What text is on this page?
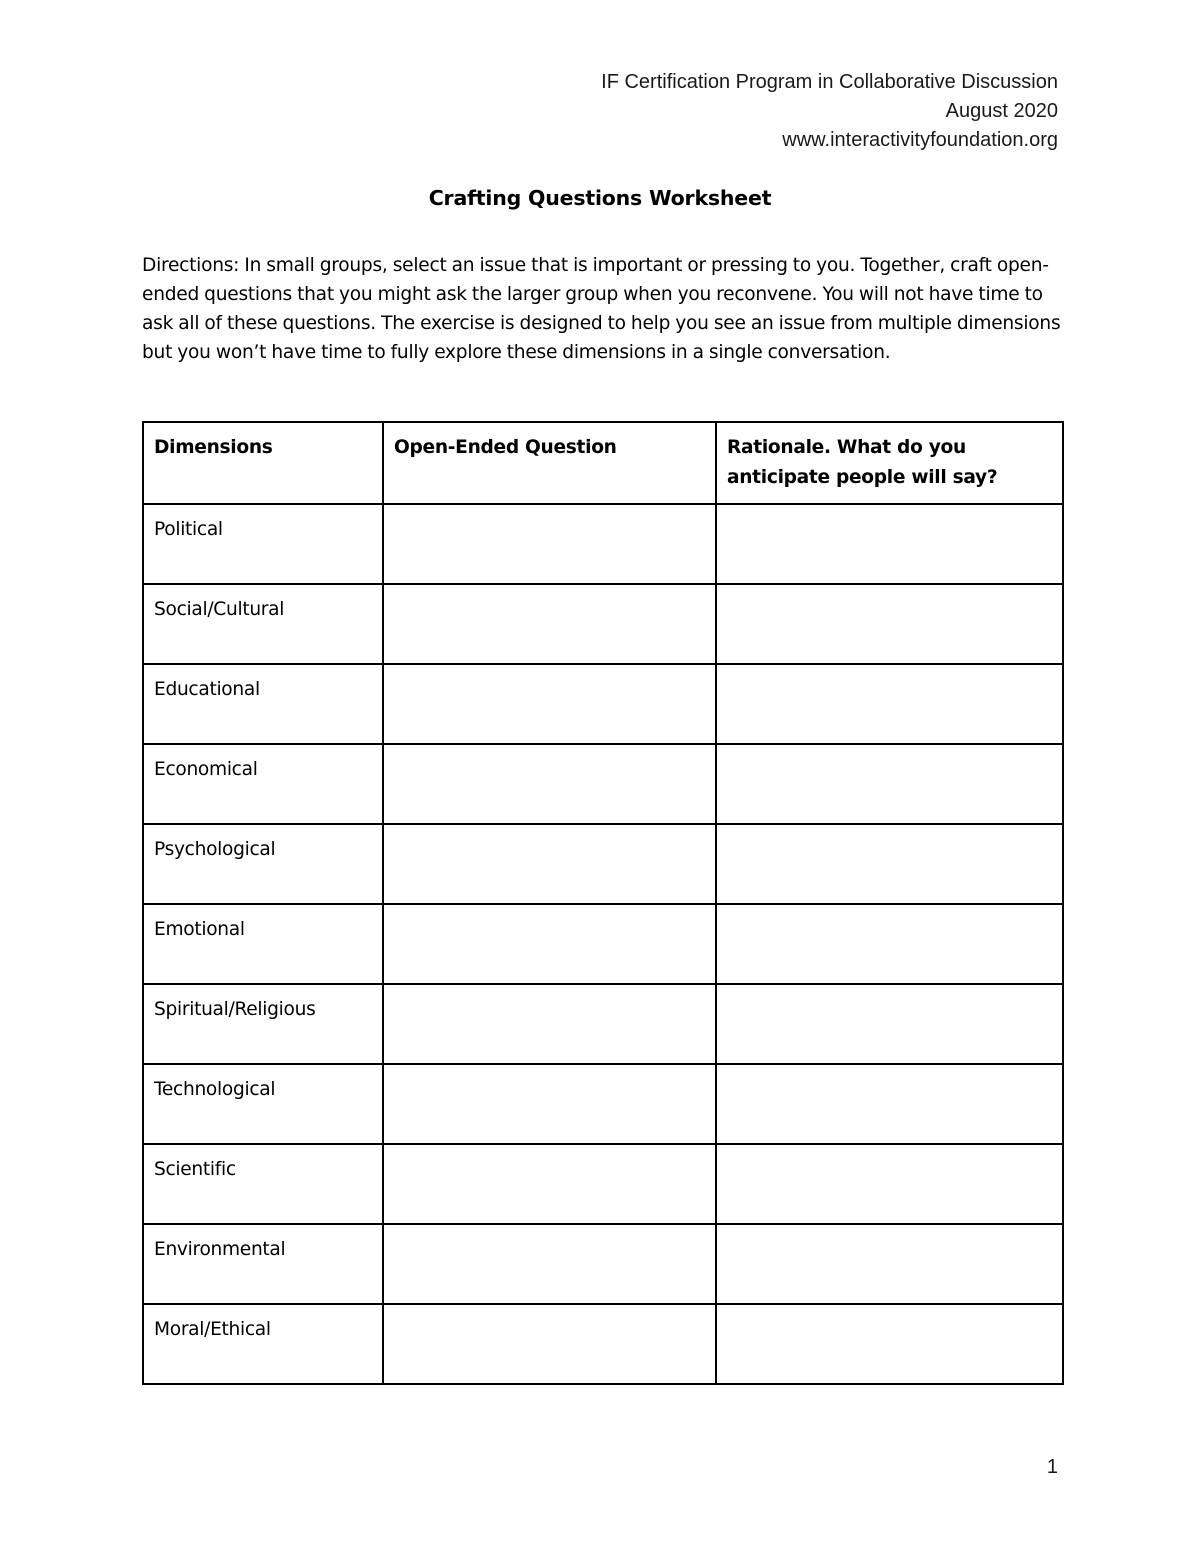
IF Certification Program in Collaborative Discussion
August 2020
www.interactivityfoundation.org
Crafting Questions Worksheet
Directions: In small groups, select an issue that is important or pressing to you. Together, craft open-ended questions that you might ask the larger group when you reconvene. You will not have time to ask all of these questions. The exercise is designed to help you see an issue from multiple dimensions but you won’t have time to fully explore these dimensions in a single conversation.
Dimensions	Open-Ended Question	Rationale. What do you anticipate people will say?
Political		
Social/Cultural		
Educational		
Economical		
Psychological		
Emotional		
Spiritual/Religious		
Technological		
Scientific		
Environmental		
Moral/Ethical		
1
